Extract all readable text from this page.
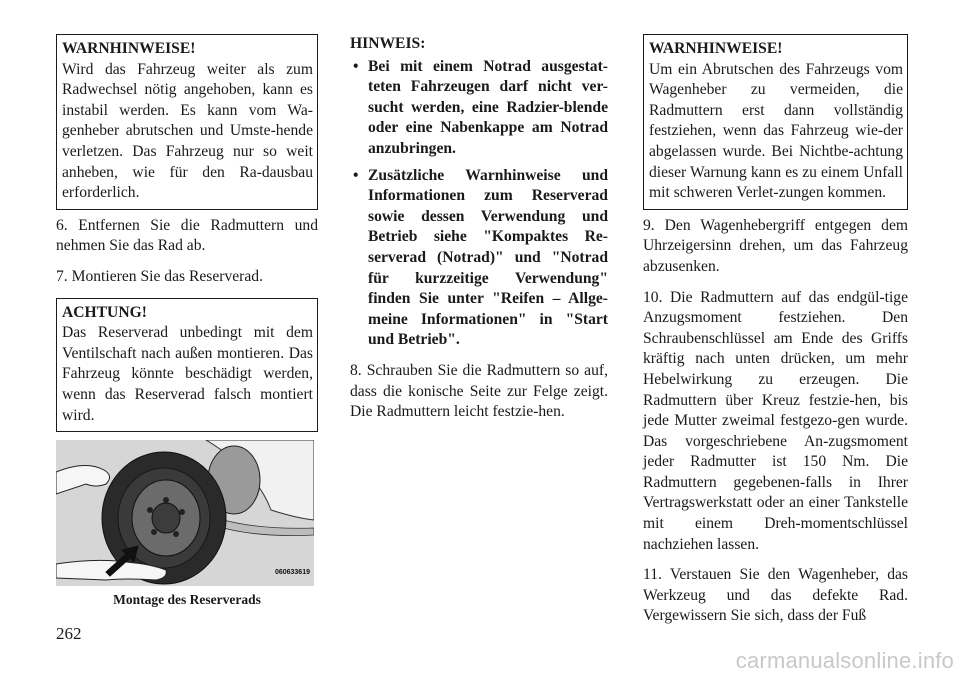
WARNHINWEISE!
Wird das Fahrzeug weiter als zum Radwechsel nötig angehoben, kann es instabil werden. Es kann vom Wa-genheber abrutschen und Umste-hende verletzen. Das Fahrzeug nur so weit anheben, wie für den Ra-dausbau erforderlich.

6. Entfernen Sie die Radmuttern und nehmen Sie das Rad ab.

7. Montieren Sie das Reserverad.

ACHTUNG!
Das Reserverad unbedingt mit dem Ventilschaft nach außen montieren. Das Fahrzeug könnte beschädigt werden, wenn das Reserverad falsch montiert wird.
060633619
Montage des Reserverads

HINWEIS:

• Bei mit einem Notrad ausgestat-teten Fahrzeugen darf nicht ver-sucht werden, eine Radzier-blende oder eine Nabenkappe am Notrad anzubringen.
• Zusätzliche Warnhinweise und Informationen zum Reserverad sowie dessen Verwendung und Betrieb siehe "Kompaktes Re-serverad (Notrad)" und "Notrad für kurzzeitige Verwendung" finden Sie unter "Reifen – Allge-meine Informationen" in "Start und Betrieb".

8. Schrauben Sie die Radmuttern so auf, dass die konische Seite zur Felge zeigt. Die Radmuttern leicht festzie-hen.

WARNHINWEISE!
Um ein Abrutschen des Fahrzeugs vom Wagenheber zu vermeiden, die Radmuttern erst dann vollständig festziehen, wenn das Fahrzeug wie-der abgelassen wurde. Bei Nichtbe-achtung dieser Warnung kann es zu einem Unfall mit schweren Verlet-zungen kommen.

9. Den Wagenhebergriff entgegen dem Uhrzeigersinn drehen, um das Fahrzeug abzusenken.

10. Die Radmuttern auf das endgül-tige Anzugsmoment festziehen. Den Schraubenschlüssel am Ende des Griffs kräftig nach unten drücken, um mehr Hebelwirkung zu erzeugen. Die Radmuttern über Kreuz festzie-hen, bis jede Mutter zweimal festgezo-gen wurde. Das vorgeschriebene An-zugsmoment jeder Radmutter ist 150 Nm. Die Radmuttern gegebenen-falls in Ihrer Vertragswerkstatt oder an einer Tankstelle mit einem Dreh-momentschlüssel nachziehen lassen.

11. Verstauen Sie den Wagenheber, das Werkzeug und das defekte Rad. Vergewissern Sie sich, dass der Fuß

262
carmanualsonline.info
